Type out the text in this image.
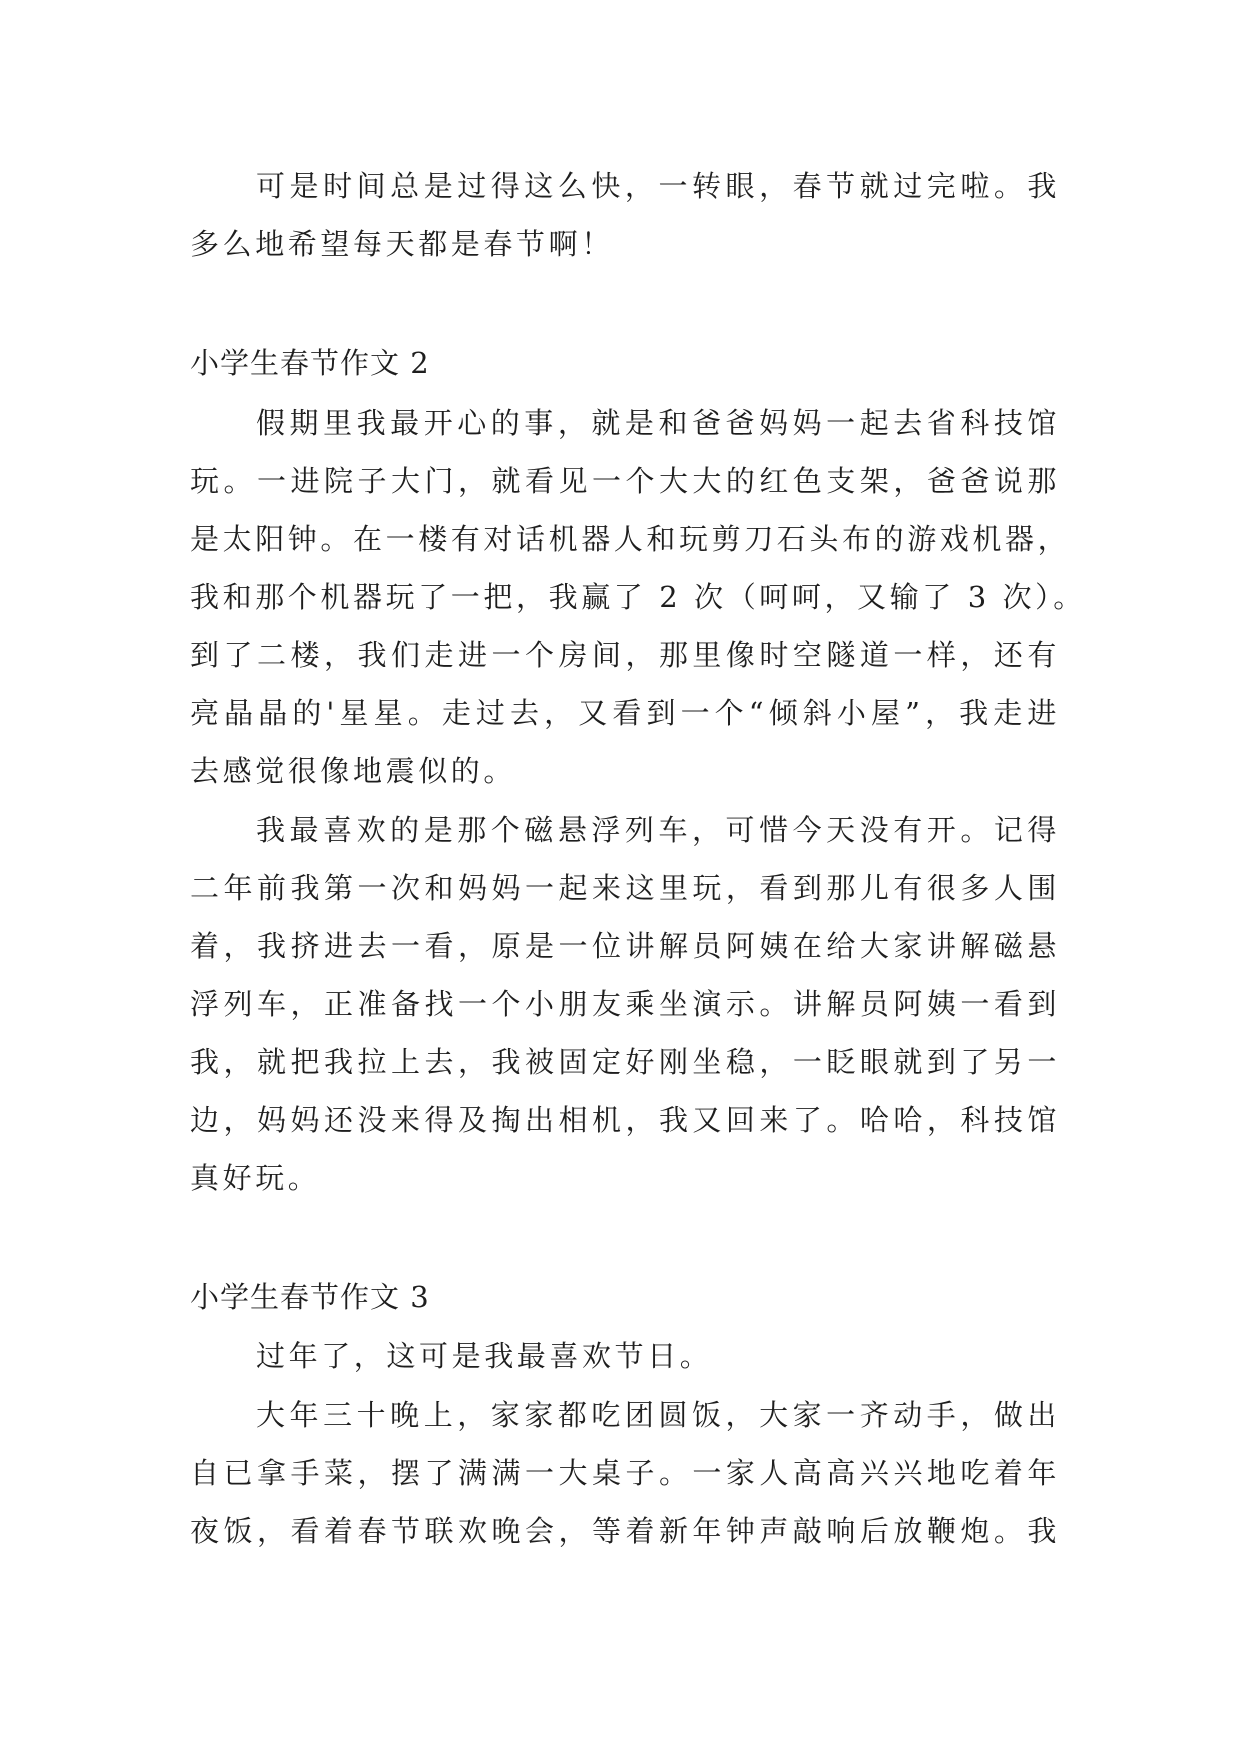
可是时间总是过得这么快，一转眼，春节就过完啦。我
多么地希望每天都是春节啊！
小学生春节作文 2
假期里我最开心的事，就是和爸爸妈妈一起去省科技馆
玩。一进院子大门，就看见一个大大的红色支架，爸爸说那
是太阳钟。在一楼有对话机器人和玩剪刀石头布的游戏机器，
我和那个机器玩了一把，我赢了 2 次（呵呵，又输了 3 次）。
到了二楼，我们走进一个房间，那里像时空隧道一样，还有
亮晶晶的'星星。走过去，又看到一个“倾斜小屋”，我走进
去感觉很像地震似的。
我最喜欢的是那个磁悬浮列车，可惜今天没有开。记得
二年前我第一次和妈妈一起来这里玩，看到那儿有很多人围
着，我挤进去一看，原是一位讲解员阿姨在给大家讲解磁悬
浮列车，正准备找一个小朋友乘坐演示。讲解员阿姨一看到
我，就把我拉上去，我被固定好刚坐稳，一眨眼就到了另一
边，妈妈还没来得及掏出相机，我又回来了。哈哈，科技馆
真好玩。
小学生春节作文 3
过年了，这可是我最喜欢节日。
大年三十晚上，家家都吃团圆饭，大家一齐动手，做出
自已拿手菜，摆了满满一大桌子。一家人高高兴兴地吃着年
夜饭，看着春节联欢晚会，等着新年钟声敲响后放鞭炮。我
